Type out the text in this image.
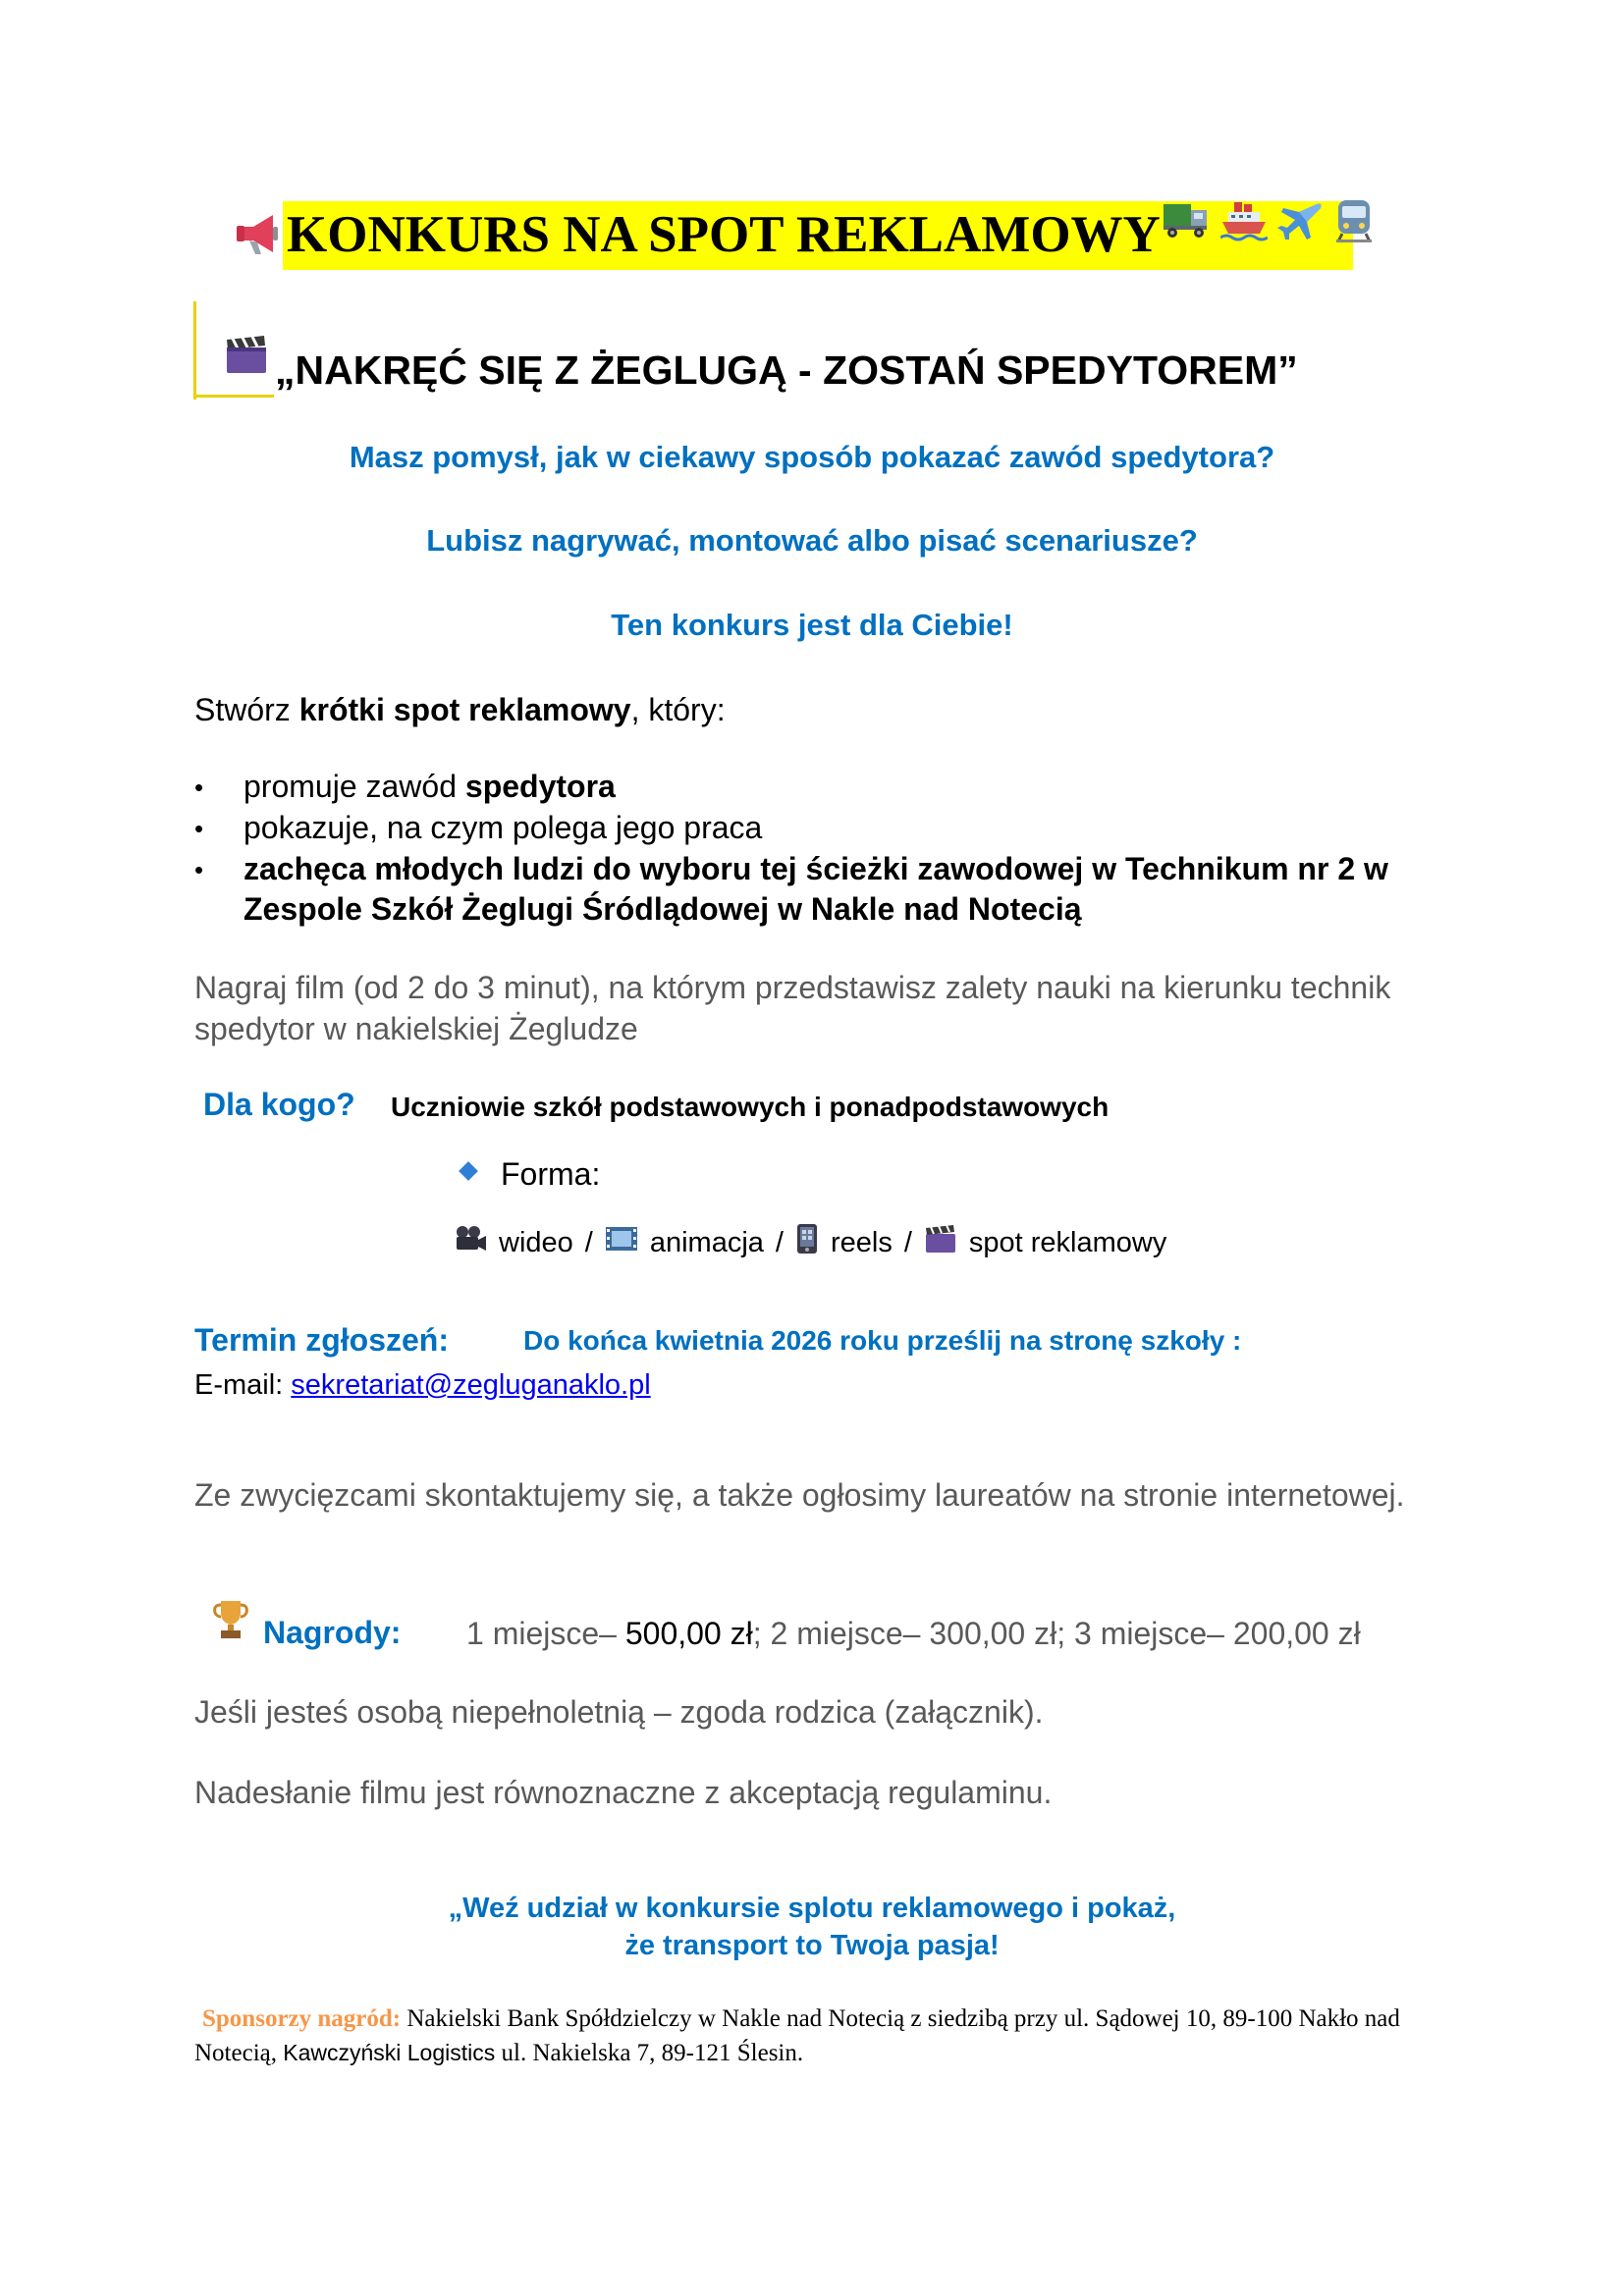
KONKURS NA SPOT REKLAMOWY
„NAKRĘĆ SIĘ Z ŻEGLUGĄ - ZOSTAŃ SPEDYTOREM”
Masz pomysł, jak w ciekawy sposób pokazać zawód spedytora?
Lubisz nagrywać, montować albo pisać scenariusze?
Ten konkurs jest dla Ciebie!
Stwórz krótki spot reklamowy, który:
•	promuje zawód spedytora
•	pokazuje, na czym polega jego praca
•	zachęca młodych ludzi do wyboru tej ścieżki zawodowej w Technikum nr 2 w Zespole Szkół Żeglugi Śródlądowej w Nakle nad Notecią
Nagraj film (od 2 do 3 minut), na którym przedstawisz zalety nauki na kierunku technik spedytor w nakielskiej Żegludze
Dla kogo? Uczniowie szkół podstawowych i ponadpodstawowych
Forma:
wideo / animacja / reels / spot reklamowy
Termin zgłoszeń:	Do końca kwietnia 2026 roku prześlij na stronę szkoły :
E-mail: sekretariat@zegluganaklo.pl
Ze zwycięzcami skontaktujemy się, a także ogłosimy laureatów na stronie internetowej.
Nagrody: 1 miejsce– 500,00 zł; 2 miejsce– 300,00 zł; 3 miejsce– 200,00 zł
Jeśli jesteś osobą niepełnoletnią – zgoda rodzica (załącznik).
Nadesłanie filmu jest równoznaczne z akceptacją regulaminu.
„Weź udział w konkursie splotu reklamowego i pokaż,
że transport to Twoja pasja!
Sponsorzy nagród: Nakielski Bank Spółdzielczy w Nakle nad Notecią z siedzibą przy ul. Sądowej 10, 89-100 Nakło nad Notecią, Kawczyński Logistics ul. Nakielska 7, 89-121 Ślesin.
